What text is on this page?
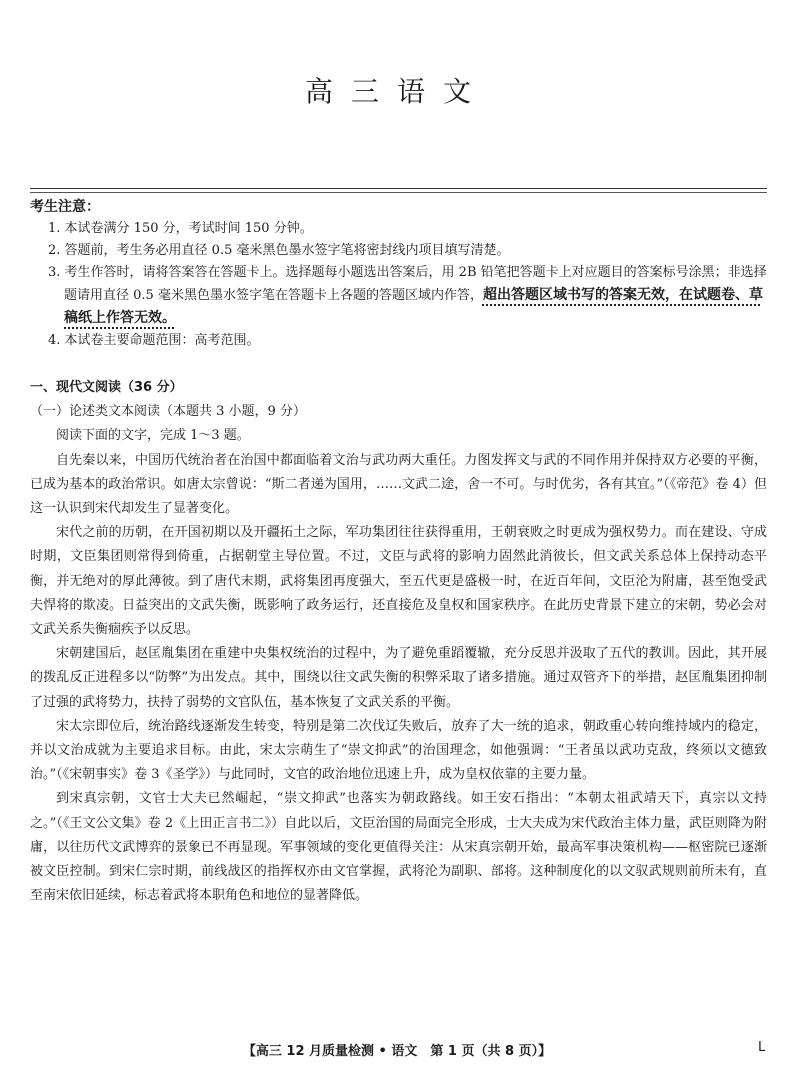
高三语文
考生注意：
1. 本试卷满分 150 分，考试时间 150 分钟。
2. 答题前，考生务必用直径 0.5 毫米黑色墨水签字笔将密封线内项目填写清楚。
3. 考生作答时，请将答案答在答题卡上。选择题每小题选出答案后，用 2B 铅笔把答题卡上对应题目的答案标号涂黑；非选择题请用直径 0.5 毫米黑色墨水签字笔在答题卡上各题的答题区域内作答，超出答题区域书写的答案无效，在试题卷、草稿纸上作答无效。
4. 本试卷主要命题范围：高考范围。
一、现代文阅读（36 分）
（一）论述类文本阅读（本题共 3 小题，9 分）

阅读下面的文字，完成 1～3 题。

自先秦以来，中国历代统治者在治国中都面临着文治与武功两大重任。力图发挥文与武的不同作用并保持双方必要的平衡，已成为基本的政治常识。如唐太宗曾说：“斯二者递为国用，……文武二途，舍一不可。与时优劣，各有其宜。”（《帝范》卷 4）但这一认识到宋代却发生了显著变化。

宋代之前的历朝，在开国初期以及开疆拓土之际，军功集团往往获得重用，王朝衰败之时更成为强权势力。而在建设、守成时期，文臣集团则常得到倚重，占据朝堂主导位置。不过，文臣与武将的影响力固然此消彼长，但文武关系总体上保持动态平衡，并无绝对的厚此薄彼。到了唐代末期，武将集团再度强大，至五代更是盛极一时，在近百年间，文臣沦为附庸，甚至饱受武夫悍将的欺凌。日益突出的文武失衡，既影响了政务运行，还直接危及皇权和国家秩序。在此历史背景下建立的宋朝，势必会对文武关系失衡痼疾予以反思。

宋朝建国后，赵匡胤集团在重建中央集权统治的过程中，为了避免重蹈覆辙，充分反思并汲取了五代的教训。因此，其开展的拨乱反正进程多以“防弊”为出发点。其中，围绕以往文武失衡的积弊采取了诸多措施。通过双管齐下的举措，赵匡胤集团抑制了过强的武将势力，扶持了弱势的文官队伍，基本恢复了文武关系的平衡。

宋太宗即位后，统治路线逐渐发生转变，特别是第二次伐辽失败后，放弃了大一统的追求，朝政重心转向维持域内的稳定，并以文治成就为主要追求目标。由此，宋太宗萌生了“崇文抑武”的治国理念，如他强调：“王者虽以武功克敌，终须以文德致治。”（《宋朝事实》卷 3《圣学》）与此同时，文官的政治地位迅速上升，成为皇权依靠的主要力量。

到宋真宗朝，文官士大夫已然崛起，“崇文抑武”也落实为朝政路线。如王安石指出：“本朝太祖武靖天下，真宗以文持之。”（《王文公文集》卷 2《上田正言书二》）自此以后，文臣治国的局面完全形成，士大夫成为宋代政治主体力量，武臣则降为附庸，以往历代文武博弈的景象已不再显现。军事领域的变化更值得关注：从宋真宗朝开始，最高军事决策机构——枢密院已逐渐被文臣控制。到宋仁宗时期，前线战区的指挥权亦由文官掌握，武将沦为副职、部将。这种制度化的以文驭武规则前所未有，直至南宋依旧延续，标志着武将本职角色和地位的显著降低。

【高三 12 月质量检测 • 语文　第 1 页（共 8 页）】	L
